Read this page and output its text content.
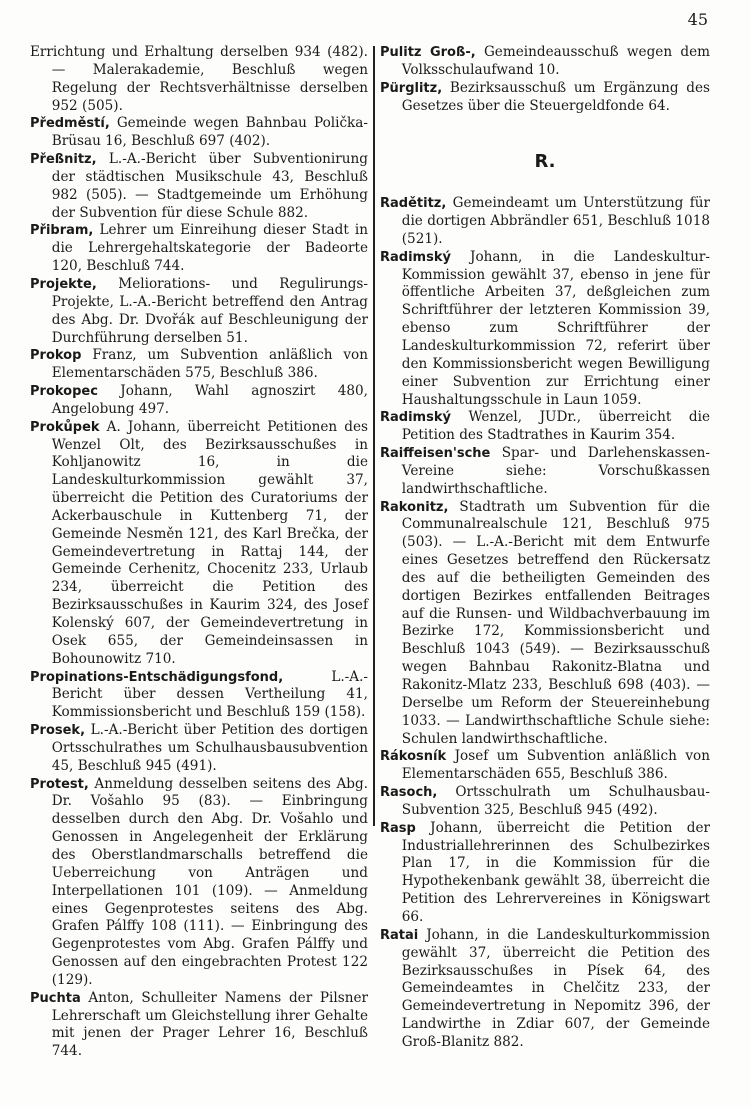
45

Errichtung und Erhaltung derselben 934 (482). — Malerakademie, Beschluß wegen Regelung der Rechtsverhältnisse derselben 952 (505).

Předměstí, Gemeinde wegen Bahnbau Polička-Brüsau 16, Beschluß 697 (402).

Přeßnitz, L.-A.-Bericht über Subventionirung der städtischen Musikschule 43, Beschluß 982 (505). — Stadtgemeinde um Erhöhung der Subvention für diese Schule 882.

Přibram, Lehrer um Einreihung dieser Stadt in die Lehrergehaltskategorie der Badeorte 120, Beschluß 744.

Projekte, Meliorations- und Regulirungs-Projekte, L.-A.-Bericht betreffend den Antrag des Abg. Dr. Dvořák auf Beschleunigung der Durchführung derselben 51.

Prokop Franz, um Subvention anläßlich von Elementarschäden 575, Beschluß 386.

Prokopec Johann, Wahl agnoszirt 480, Angelobung 497.

Prokůpek A. Johann, überreicht Petitionen des Wenzel Olt, des Bezirksausschußes in Kohljanowitz 16, in die Landeskulturkommission gewählt 37, überreicht die Petition des Curatoriums der Ackerbauschule in Kuttenberg 71, der Gemeinde Nesměn 121, des Karl Brečka, der Gemeindevertretung in Rattaj 144, der Gemeinde Cerhenitz, Chocenitz 233, Urlaub 234, überreicht die Petition des Bezirksausschußes in Kaurim 324, des Josef Kolenský 607, der Gemeindevertretung in Osek 655, der Gemeindeinsassen in Bohounowitz 710.

Propinations-Entschädigungsfond,	L.-A.-Bericht über dessen Vertheilung 41, Kommissionsbericht und Beschluß 159 (158).

Prosek, L.-A.-Bericht über Petition des dortigen Ortsschulrathes um Schulhausbausubvention 45, Beschluß 945 (491).

Protest, Anmeldung desselben seitens des Abg. Dr. Vošahlo 95 (83). — Einbringung desselben durch den Abg. Dr. Vošahlo und Genossen in Angelegenheit der Erklärung des Oberstlandmarschalls betreffend die Ueberreichung von Anträgen und Interpellationen 101 (109). — Anmeldung eines Gegenprotestes seitens des Abg. Grafen Pálffy 108 (111). — Einbringung des Gegenprotestes vom Abg. Grafen Pálffy und Genossen auf den eingebrachten Protest 122 (129).

Puchta Anton, Schulleiter Namens der Pilsner Lehrerschaft um Gleichstellung ihrer Gehalte mit jenen der Prager Lehrer 16, Beschluß 744.

Pulitz Groß-, Gemeindeausschuß wegen dem Volksschulaufwand 10.

Pürglitz, Bezirksausschuß um Ergänzung des Gesetzes über die Steuergeldfonde 64.

R.

Radětitz, Gemeindeamt um Unterstützung für die dortigen Abbrändler 651, Beschluß 1018 (521).

Radimský Johann, in die Landeskultur-Kommission gewählt 37, ebenso in jene für öffentliche Arbeiten 37, deßgleichen zum Schriftführer der letzteren Kommission 39, ebenso zum Schriftführer der Landeskulturkommission 72, referirt über den Kommissionsbericht wegen Bewilligung einer Subvention zur Errichtung einer Haushaltungsschule in Laun 1059.

Radimský Wenzel, JUDr., überreicht die Petition des Stadtrathes in Kaurim 354.

Raiffeisen'sche Spar- und Darlehenskassen-Vereine siehe: Vorschußkassen landwirthschaftliche.

Rakonitz, Stadtrath um Subvention für die Communalrealschule 121, Beschluß 975 (503). — L.-A.-Bericht mit dem Entwurfe eines Gesetzes betreffend den Rückersatz des auf die betheiligten Gemeinden des dortigen Bezirkes entfallenden Beitrages auf die Runsen- und Wildbachverbauung im Bezirke 172, Kommissionsbericht und Beschluß 1043 (549). — Bezirksausschuß wegen Bahnbau Rakonitz-Blatna und Rakonitz-Mlatz 233, Beschluß 698 (403). — Derselbe um Reform der Steuereinhebung 1033. — Landwirthschaftliche Schule siehe: Schulen landwirthschaftliche.

Rákosník Josef um Subvention anläßlich von Elementarschäden 655, Beschluß 386.

Rasoch, Ortsschulrath um Schulhausbau-Subvention 325, Beschluß 945 (492).

Rasp Johann, überreicht die Petition der Industriallehrerinnen des Schulbezirkes Plan 17, in die Kommission für die Hypothekenbank gewählt 38, überreicht die Petition des Lehrervereines in Königswart 66.

Ratai Johann, in die Landeskulturkommission gewählt 37, überreicht die Petition des Bezirksausschußes in Písek 64, des Gemeindeamtes in Chelčitz 233, der Gemeindevertretung in Nepomitz 396, der Landwirthe in Zdiar 607, der Gemeinde Groß-Blanitz 882.
